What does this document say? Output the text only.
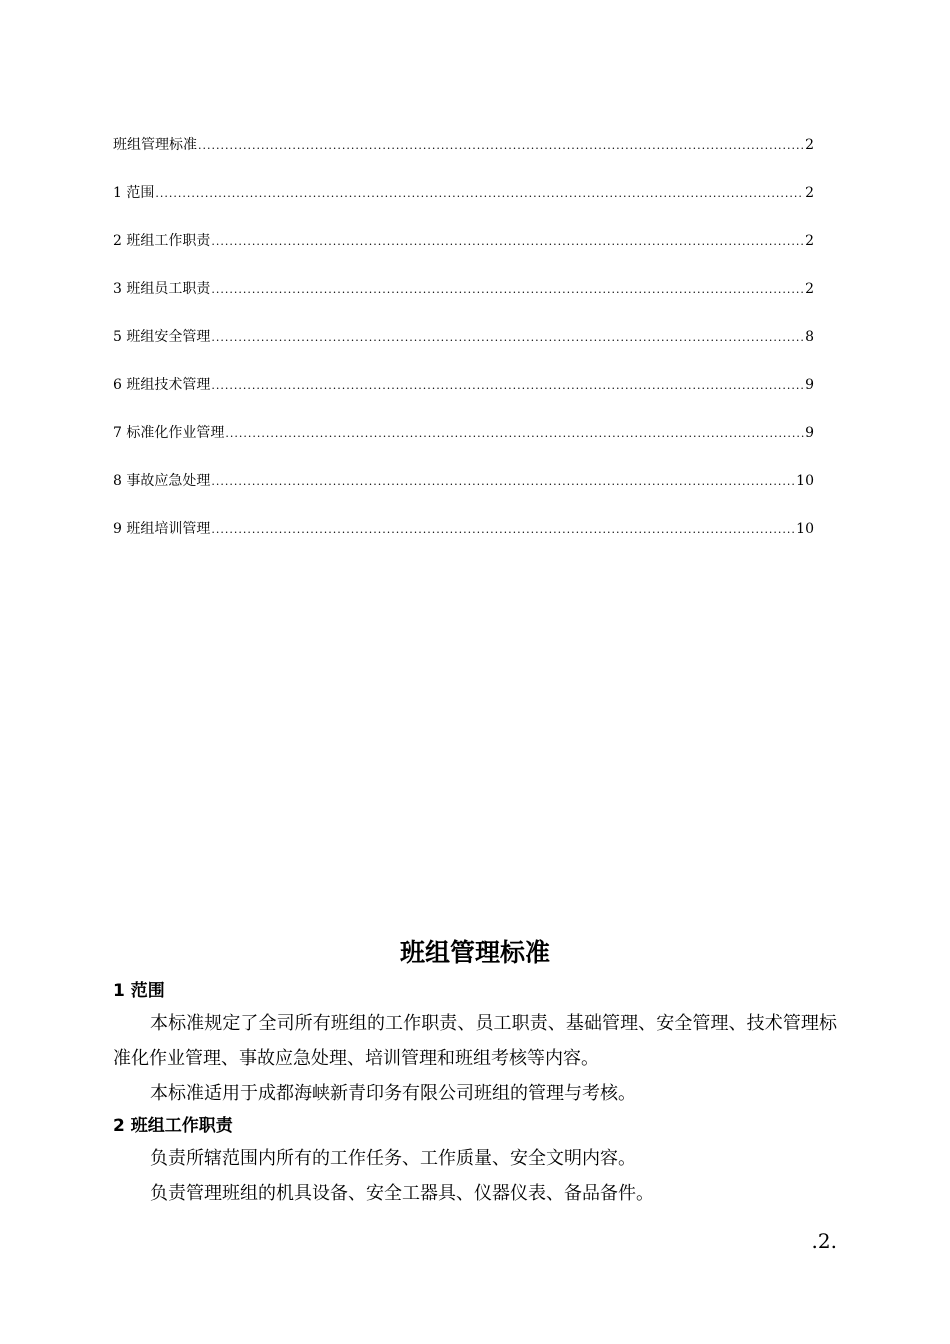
班组管理标准 .....	2
1 范围 .....	2
2 班组工作职责 .....	2
3 班组员工职责 .....	2
5 班组安全管理 .....	8
6 班组技术管理 .....	9
7 标准化作业管理 .....	9
8 事故应急处理 .....	10
9 班组培训管理 .....	10
班组管理标准
1 范围

本标准规定了全司所有班组的工作职责、员工职责、基础管理、安全管理、技术管理标准化作业管理、事故应急处理、培训管理和班组考核等内容。

本标准适用于成都海峡新青印务有限公司班组的管理与考核。

2 班组工作职责

负责所辖范围内所有的工作任务、工作质量、安全文明内容。

负责管理班组的机具设备、安全工器具、仪器仪表、备品备件。

.2.
